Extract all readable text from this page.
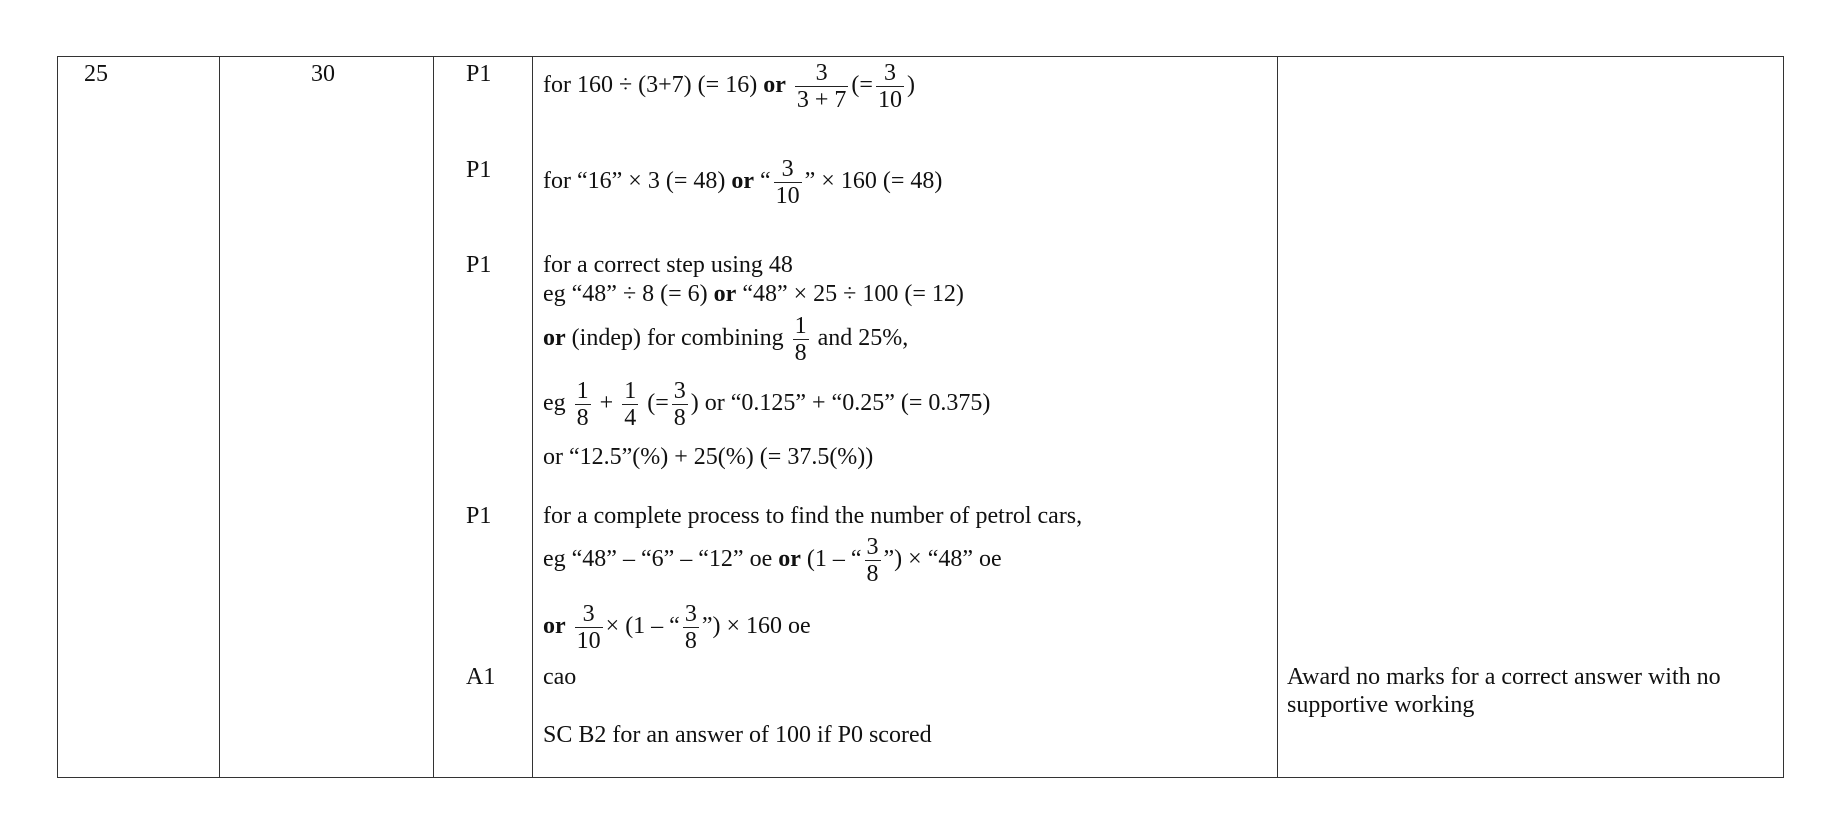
25	30	P1
P1
P1
P1
A1
for 160 ÷ (3+7) (= 16) or $\frac{3}{3 + 7}$ (= $\frac{3}{10}$ )
for “16” × 3 (= 48) or “ $\frac{3}{10}$ ” × 160 (= 48)
for a correct step using 48
eg “48” ÷ 8 (= 6) or “48” × 25 ÷ 100 (= 12)
or (indep) for combining $\frac{1}{8}$ and 25%,
eg $\frac{1}{8} + \frac{1}{4}$ (= $\frac{3}{8}$ ) or “0.125” + “0.25” (= 0.375)
or “12.5”(%) + 25(%) (= 37.5(%))
for a complete process to find the number of petrol cars,
eg “48” – “6” – “12” oe or (1 – “ $\frac{3}{8}$ ”) × “48” oe
or $\frac{3}{10} \times (1$ – “ $\frac{3}{8}$ ”) × 160 oe
cao
SC B2 for an answer of 100 if P0 scored
Award no marks for a correct answer with no
supportive working
